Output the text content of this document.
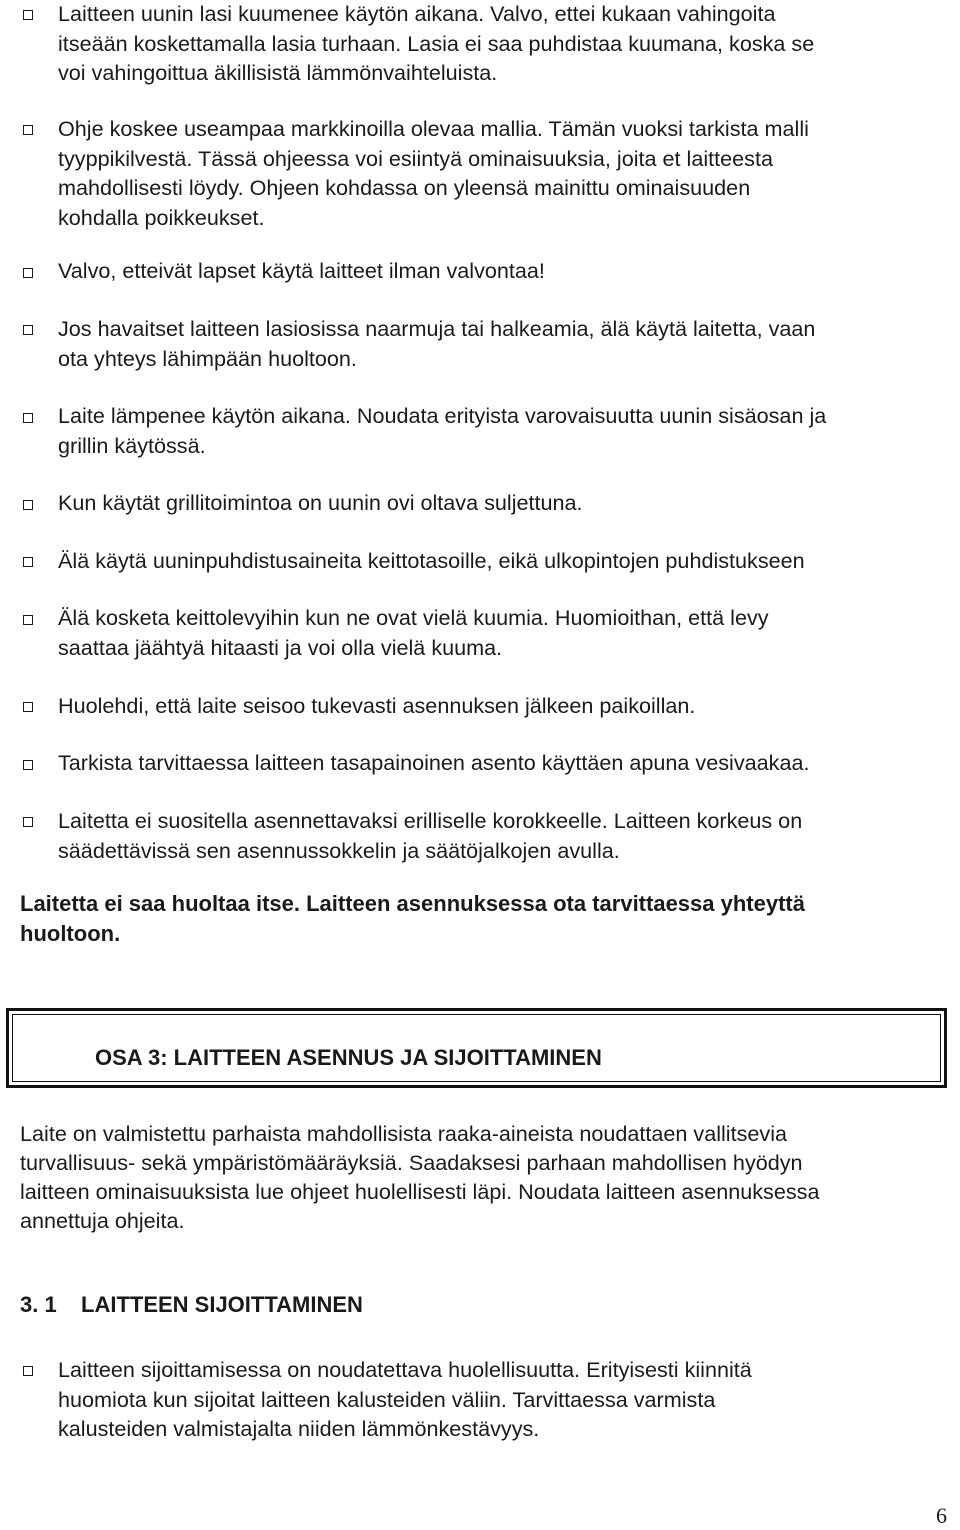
Laitteen uunin lasi kuumenee käytön aikana. Valvo, ettei kukaan vahingoita
itseään koskettamalla lasia turhaan. Lasia ei saa puhdistaa kuumana, koska se
voi vahingoittua äkillisistä lämmönvaihteluista.
Ohje koskee useampaa markkinoilla olevaa mallia. Tämän vuoksi tarkista malli
tyyppikilvestä. Tässä ohjeessa voi esiintyä ominaisuuksia, joita et laitteesta
mahdollisesti löydy. Ohjeen kohdassa on yleensä mainittu ominaisuuden
kohdalla poikkeukset.
Valvo, etteivät lapset käytä laitteet ilman valvontaa!
Jos havaitset laitteen lasiosissa naarmuja tai halkeamia, älä käytä laitetta, vaan
ota yhteys lähimpään huoltoon.
Laite lämpenee käytön aikana. Noudata erityista varovaisuutta uunin sisäosan ja
grillin käytössä.
Kun käytät grillitoimintoa on uunin ovi oltava suljettuna.
Älä käytä uuninpuhdistusaineita keittotasoille, eikä ulkopintojen puhdistukseen
Älä kosketa keittolevyihin kun ne ovat vielä kuumia. Huomioithan, että levy
saattaa jäähtyä hitaasti ja voi olla vielä kuuma.
Huolehdi, että laite seisoo tukevasti asennuksen jälkeen paikoillan.
Tarkista tarvittaessa laitteen tasapainoinen asento käyttäen apuna vesivaakaa.
Laitetta ei suositella asennettavaksi erilliselle korokkeelle. Laitteen korkeus on
säädettävissä sen asennussokkelin ja säätöjalkojen avulla.
Laitetta ei saa huoltaa itse. Laitteen asennuksessa ota tarvittaessa yhteyttä
huoltoon.
OSA 3: LAITTEEN ASENNUS JA SIJOITTAMINEN
Laite on valmistettu parhaista mahdollisista raaka-aineista noudattaen vallitsevia
turvallisuus- sekä ympäristömääräyksiä. Saadaksesi parhaan mahdollisen hyödyn
laitteen ominaisuuksista lue ohjeet huolellisesti läpi. Noudata laitteen asennuksessa
annettuja ohjeita.
3. 1 LAITTEEN SIJOITTAMINEN
Laitteen sijoittamisessa on noudatettava huolellisuutta. Erityisesti kiinnitä
huomiota kun sijoitat laitteen kalusteiden väliin. Tarvittaessa varmista
kalusteiden valmistajalta niiden lämmönkestävyys.
6
